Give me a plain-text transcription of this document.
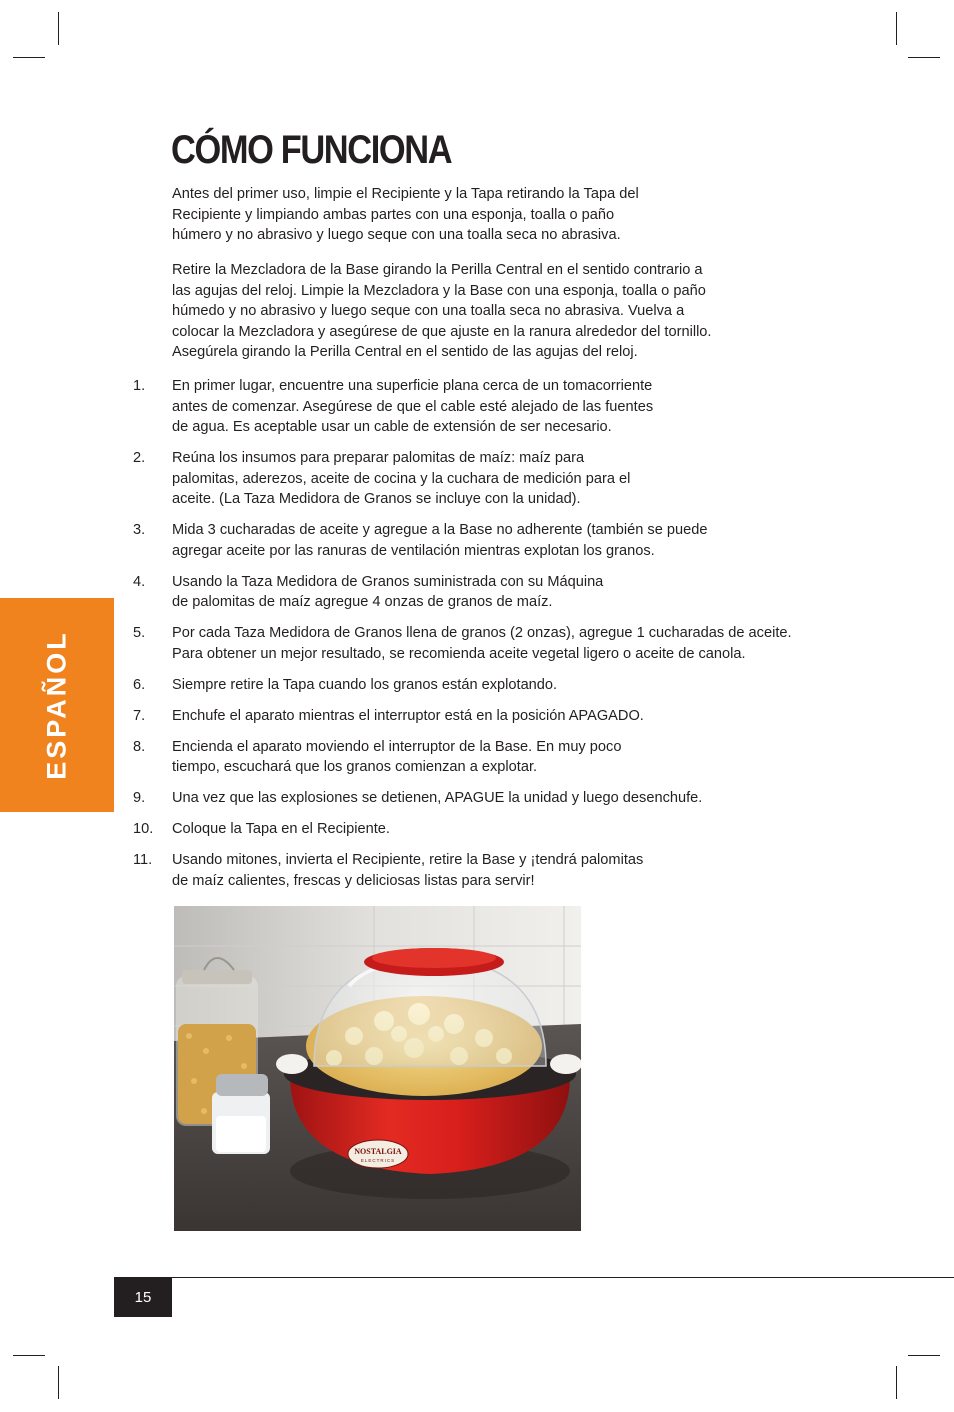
CÓMO FUNCIONA

Antes del primer uso, limpie el Recipiente y la Tapa retirando la Tapa del
Recipiente y limpiando ambas partes con una esponja, toalla o paño
húmero y no abrasivo y luego seque con una toalla seca no abrasiva.

Retire la Mezcladora de la Base girando la Perilla Central en el sentido contrario a
las agujas del reloj. Limpie la Mezcladora y la Base con una esponja, toalla o paño
húmedo y no abrasivo y luego seque con una toalla seca no abrasiva. Vuelva a
colocar la Mezcladora y asegúrese de que ajuste en la ranura alrededor del tornillo.
Asegúrela girando la Perilla Central en el sentido de las agujas del reloj.

1. En primer lugar, encuentre una superficie plana cerca de un tomacorriente
antes de comenzar. Asegúrese de que el cable esté alejado de las fuentes
de agua. Es aceptable usar un cable de extensión de ser necesario.
2. Reúna los insumos para preparar palomitas de maíz: maíz para
palomitas, aderezos, aceite de cocina y la cuchara de medición para el
aceite. (La Taza Medidora de Granos se incluye con la unidad).
3. Mida 3 cucharadas de aceite y agregue a la Base no adherente (también se puede
agregar aceite por las ranuras de ventilación mientras explotan los granos.
4. Usando la Taza Medidora de Granos suministrada con su Máquina
de palomitas de maíz agregue 4 onzas de granos de maíz.
5. Por cada Taza Medidora de Granos llena de granos (2 onzas), agregue 1 cucharadas de aceite.
Para obtener un mejor resultado, se recomienda aceite vegetal ligero o aceite de canola.
6. Siempre retire la Tapa cuando los granos están explotando.
7. Enchufe el aparato mientras el interruptor está en la posición APAGADO.
8. Encienda el aparato moviendo el interruptor de la Base. En muy poco
tiempo, escuchará que los granos comienzan a explotar.
9. Una vez que las explosiones se detienen, APAGUE la unidad y luego desenchufe.
10. Coloque la Tapa en el Recipiente.
11. Usando mitones, invierta el Recipiente, retire la Base y ¡tendrá palomitas
de maíz calientes, frescas y deliciosas listas para servir!
ESPAÑOL
NOSTALGIA
ELECTRICS
15
